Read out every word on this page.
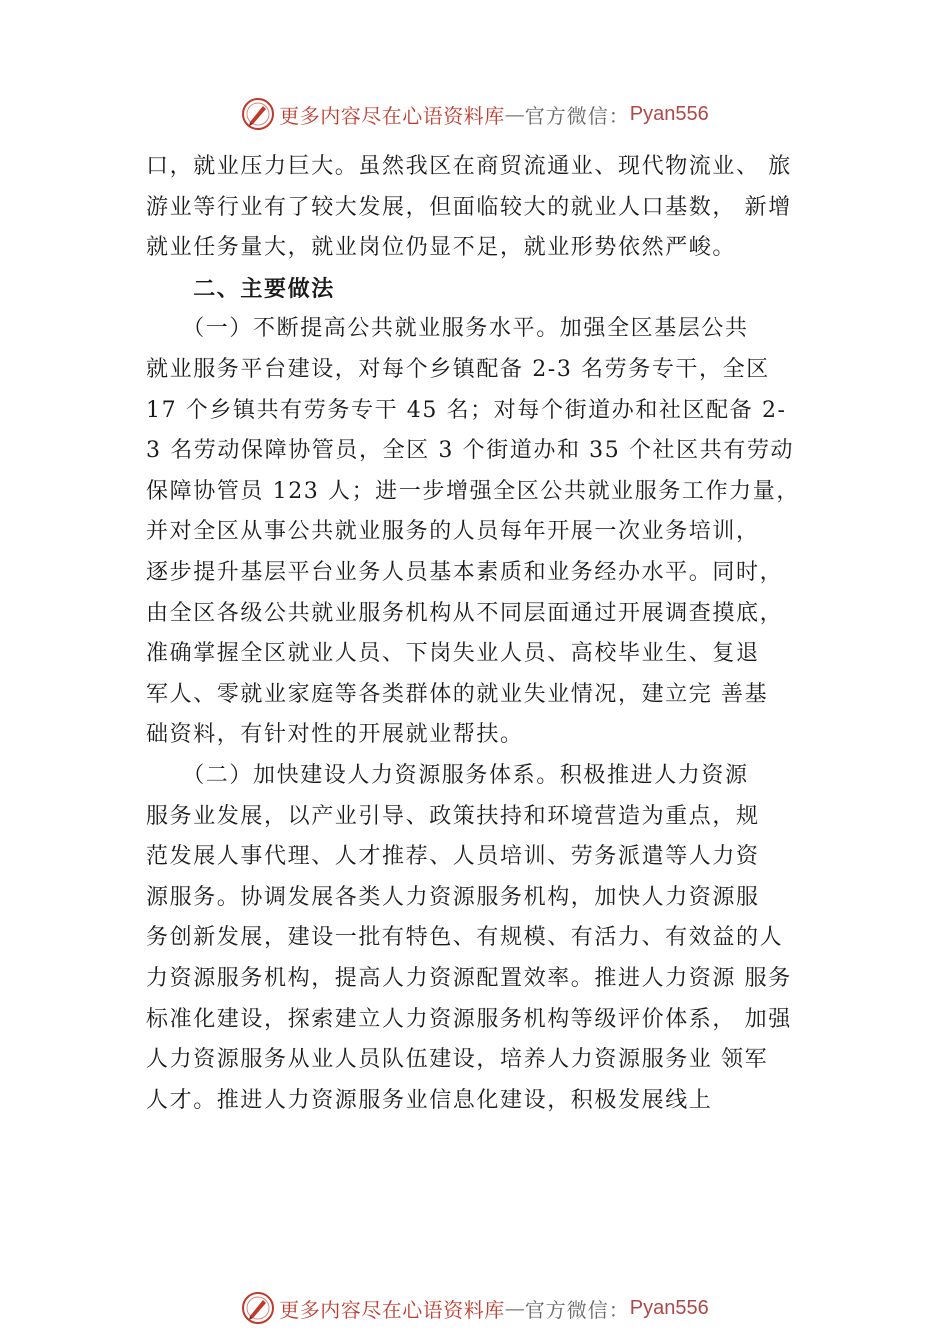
更多内容尽在心语资料库 — 官方微信： Pyan556
口，就业压力巨大。虽然我区在商贸流通业、现代物流业、 旅
游业等行业有了较大发展，但面临较大的就业人口基数， 新增
就业任务量大，就业岗位仍显不足，就业形势依然严峻。
　　二、主要做法
　　（一）不断提高公共就业服务水平。加强全区基层公共
就业服务平台建设，对每个乡镇配备 2-3 名劳务专干，全区
17 个乡镇共有劳务专干 45 名；对每个街道办和社区配备 2-
3 名劳动保障协管员，全区 3 个街道办和 35 个社区共有劳动
保障协管员 123 人；进一步增强全区公共就业服务工作力量，
并对全区从事公共就业服务的人员每年开展一次业务培训，
逐步提升基层平台业务人员基本素质和业务经办水平。同时，
由全区各级公共就业服务机构从不同层面通过开展调查摸底，
准确掌握全区就业人员、下岗失业人员、高校毕业生、复退
军人、零就业家庭等各类群体的就业失业情况，建立完 善基
础资料，有针对性的开展就业帮扶。
　　（二）加快建设人力资源服务体系。积极推进人力资源
服务业发展，以产业引导、政策扶持和环境营造为重点，规
范发展人事代理、人才推荐、人员培训、劳务派遣等人力资
源服务。协调发展各类人力资源服务机构，加快人力资源服
务创新发展，建设一批有特色、有规模、有活力、有效益的人
力资源服务机构，提高人力资源配置效率。推进人力资源 服务
标准化建设，探索建立人力资源服务机构等级评价体系， 加强
人力资源服务从业人员队伍建设，培养人力资源服务业 领军
人才。推进人力资源服务业信息化建设，积极发展线上
更多内容尽在心语资料库 — 官方微信： Pyan556
